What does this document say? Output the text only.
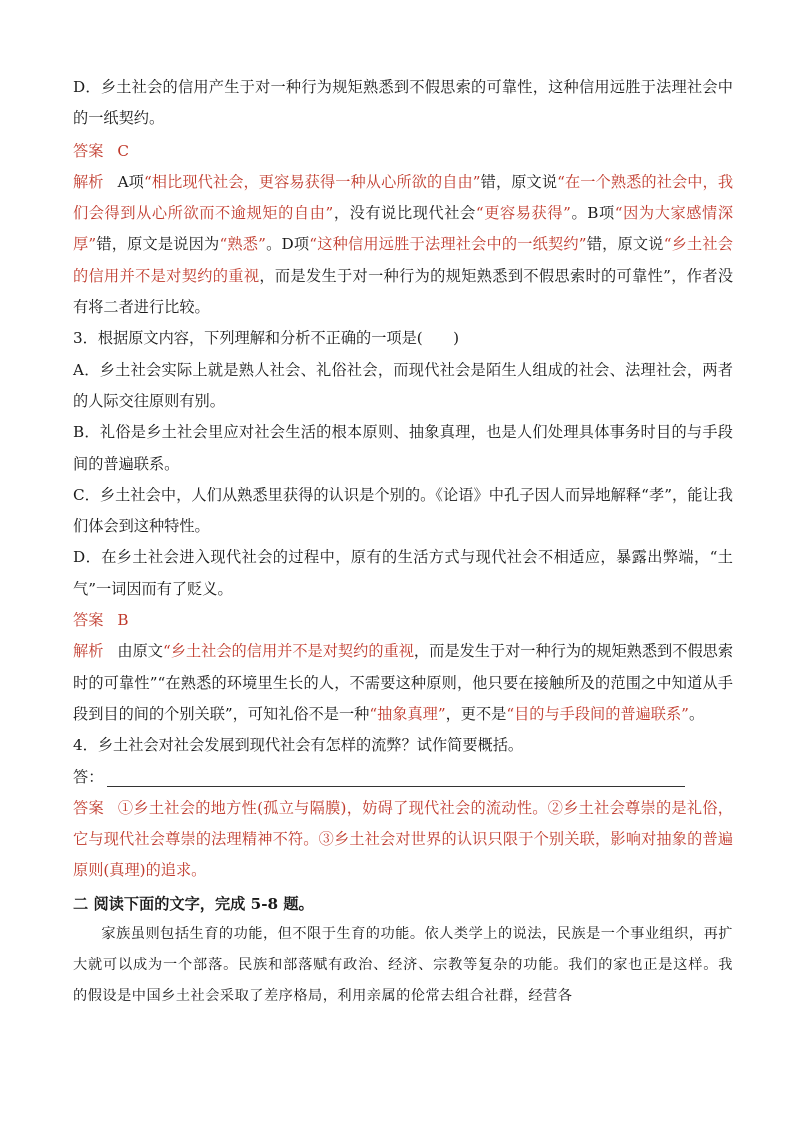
D．乡土社会的信用产生于对一种行为规矩熟悉到不假思索的可靠性，这种信用远胜于法理社会中的一纸契约。

答案 C

解析 A项“相比现代社会，更容易获得一种从心所欲的自由”错，原文说“在一个熟悉的社会中，我们会得到从心所欲而不逾规矩的自由”，没有说比现代社会“更容易获得”。B项“因为大家感情深厚”错，原文是说因为“熟悉”。D项“这种信用远胜于法理社会中的一纸契约”错，原文说“乡土社会的信用并不是对契约的重视，而是发生于对一种行为的规矩熟悉到不假思索时的可靠性”，作者没有将二者进行比较。

3．根据原文内容，下列理解和分析不正确的一项是(　　)

A．乡土社会实际上就是熟人社会、礼俗社会，而现代社会是陌生人组成的社会、法理社会，两者的人际交往原则有别。

B．礼俗是乡土社会里应对社会生活的根本原则、抽象真理，也是人们处理具体事务时目的与手段间的普遍联系。

C．乡土社会中，人们从熟悉里获得的认识是个别的。《论语》中孔子因人而异地解释“孝”，能让我们体会到这种特性。

D．在乡土社会进入现代社会的过程中，原有的生活方式与现代社会不相适应，暴露出弊端，“土气”一词因而有了贬义。

答案 B

解析 由原文“乡土社会的信用并不是对契约的重视，而是发生于对一种行为的规矩熟悉到不假思索时的可靠性”“在熟悉的环境里生长的人，不需要这种原则，他只要在接触所及的范围之中知道从手段到目的间的个别关联”，可知礼俗不是一种“抽象真理”，更不是“目的与手段间的普遍联系”。

4．乡土社会对社会发展到现代社会有怎样的流弊？试作简要概括。

答：

答案 ①乡土社会的地方性(孤立与隔膜)，妨碍了现代社会的流动性。②乡土社会尊崇的是礼俗，它与现代社会尊崇的法理精神不符。③乡土社会对世界的认识只限于个别关联，影响对抽象的普遍原则(真理)的追求。

二 阅读下面的文字，完成 5-8 题。

家族虽则包括生育的功能，但不限于生育的功能。依人类学上的说法，民族是一个事业组织，再扩大就可以成为一个部落。民族和部落赋有政治、经济、宗教等复杂的功能。我们的家也正是这样。我的假设是中国乡土社会采取了差序格局，利用亲属的伦常去组合社群，经营各
